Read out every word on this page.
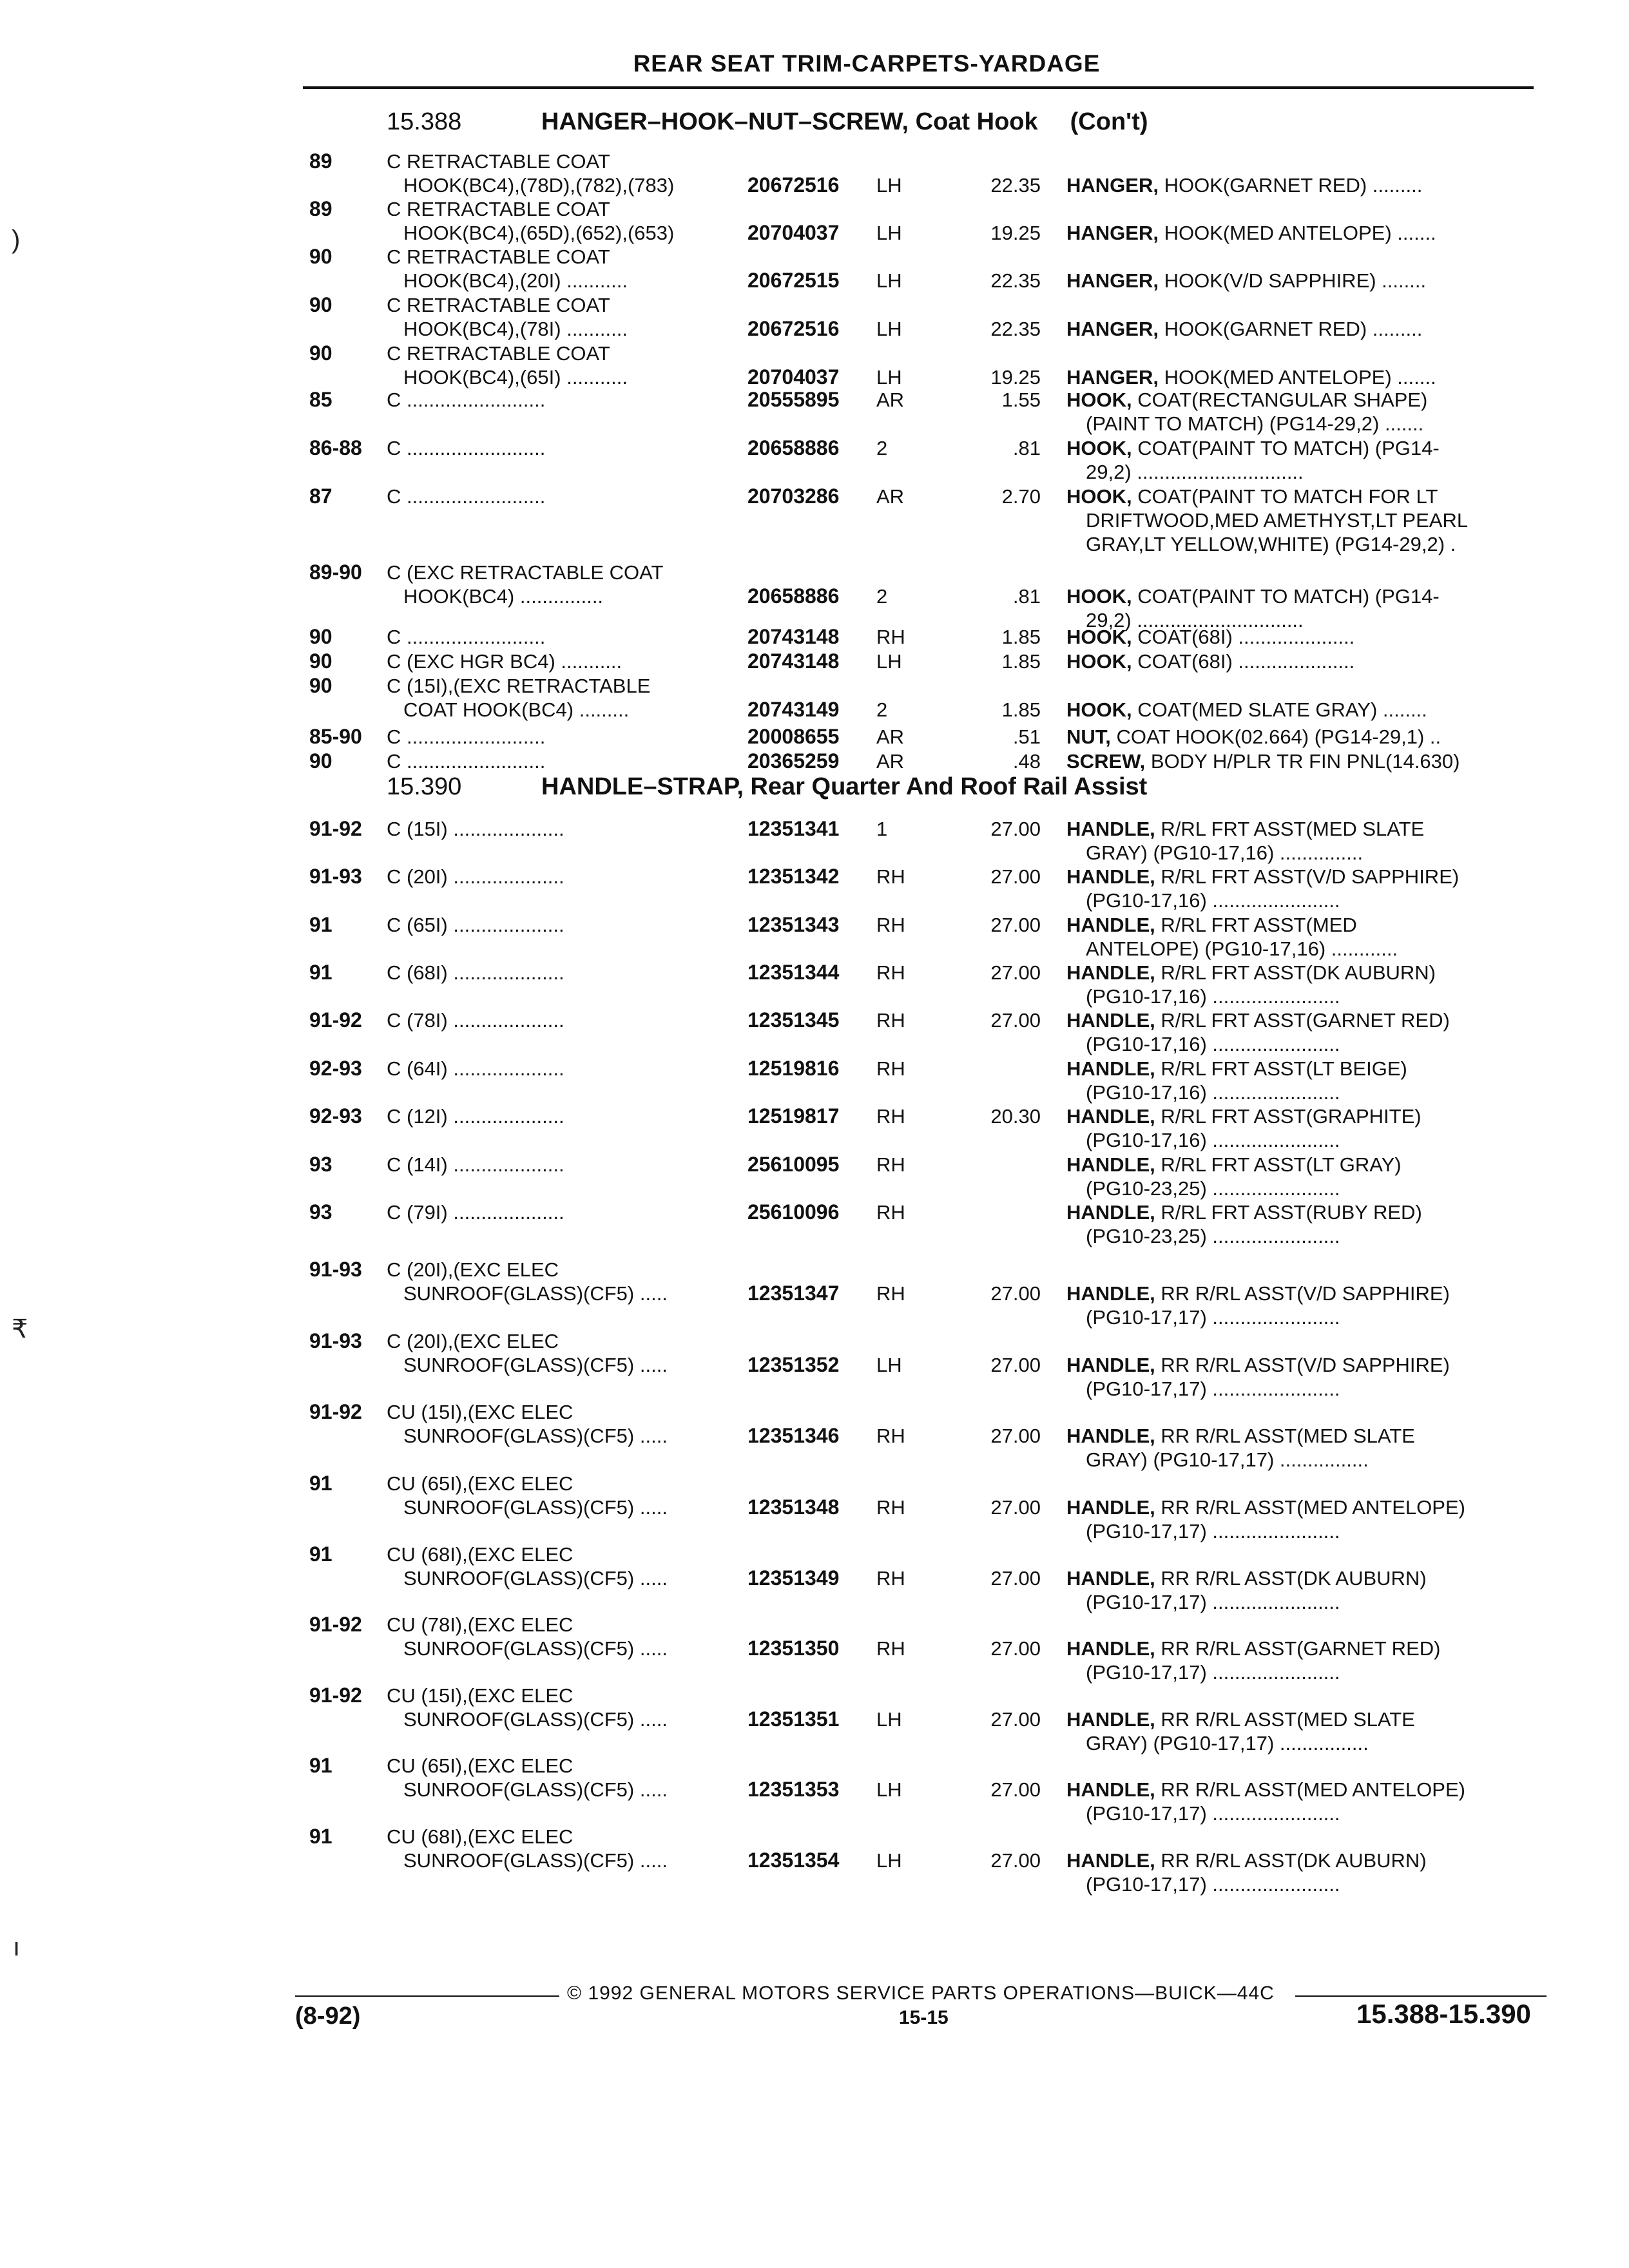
REAR SEAT TRIM-CARPETS-YARDAGE
15.388	HANGER–HOOK–NUT–SCREW, Coat Hook (Con't)
15.390	HANDLE–STRAP, Rear Quarter And Roof Rail Assist
89	C RETRACTABLE COAT
HOOK(BC4),(78D),(782),(783)	20672516 LH	22.35 HANGER, HOOK(GARNET RED) .........
89	C RETRACTABLE COAT
HOOK(BC4),(65D),(652),(653)	20704037 LH	19.25 HANGER, HOOK(MED ANTELOPE) .......
90	C RETRACTABLE COAT
HOOK(BC4),(20I) ...........	20672515 LH	22.35 HANGER, HOOK(V/D SAPPHIRE) ........
90	C RETRACTABLE COAT
HOOK(BC4),(78I) ...........	20672516 LH	22.35 HANGER, HOOK(GARNET RED) .........
90	C RETRACTABLE COAT
HOOK(BC4),(65I) ...........	20704037 LH	19.25 HANGER, HOOK(MED ANTELOPE) .......
85	C .........................	20555895 AR	1.55 HOOK, COAT(RECTANGULAR SHAPE)
(PAINT TO MATCH) (PG14-29,2) .......
86-88 C .........................	20658886 2	.81 HOOK, COAT(PAINT TO MATCH) (PG14-
29,2) ..............................
87	C .........................	20703286 AR	2.70 HOOK, COAT(PAINT TO MATCH FOR LT
DRIFTWOOD,MED AMETHYST,LT PEARL
GRAY,LT YELLOW,WHITE) (PG14-29,2) .
89-90 C (EXC RETRACTABLE COAT
HOOK(BC4) ...............	20658886 2	.81 HOOK, COAT(PAINT TO MATCH) (PG14-
29,2) ..............................
90	C .........................	20743148 RH	1.85 HOOK, COAT(68I) .....................
90	C (EXC HGR BC4) ...........	20743148 LH	1.85 HOOK, COAT(68I) .....................
90	C (15I),(EXC RETRACTABLE
COAT HOOK(BC4) .........	20743149 2	1.85 HOOK, COAT(MED SLATE GRAY) ........
85-90 C .........................	20008655 AR	.51 NUT, COAT HOOK(02.664) (PG14-29,1) ..
90	C .........................	20365259 AR	.48 SCREW, BODY H/PLR TR FIN PNL(14.630)
91-92 C (15I) ....................	12351341 1	27.00 HANDLE, R/RL FRT ASST(MED SLATE
GRAY) (PG10-17,16) ...............
91-93 C (20I) ....................	12351342 RH	27.00 HANDLE, R/RL FRT ASST(V/D SAPPHIRE)
(PG10-17,16) .......................
91	C (65I) ....................	12351343 RH	27.00 HANDLE, R/RL FRT ASST(MED
ANTELOPE) (PG10-17,16) ............
91	C (68I) ....................	12351344 RH	27.00 HANDLE, R/RL FRT ASST(DK AUBURN)
(PG10-17,16) .......................
91-92 C (78I) ....................	12351345 RH	27.00 HANDLE, R/RL FRT ASST(GARNET RED)
(PG10-17,16) .......................
92-93 C (64I) ....................	12519816 RH	HANDLE, R/RL FRT ASST(LT BEIGE)
(PG10-17,16) .......................
92-93 C (12I) ....................	12519817 RH	20.30 HANDLE, R/RL FRT ASST(GRAPHITE)
(PG10-17,16) .......................
93	C (14I) ....................	25610095 RH	HANDLE, R/RL FRT ASST(LT GRAY)
(PG10-23,25) .......................
93	C (79I) ....................	25610096 RH	HANDLE, R/RL FRT ASST(RUBY RED)
(PG10-23,25) .......................
91-93 C (20I),(EXC ELEC
SUNROOF(GLASS)(CF5) .....	12351347 RH	27.00 HANDLE, RR R/RL ASST(V/D SAPPHIRE)
(PG10-17,17) .......................
91-93 C (20I),(EXC ELEC
SUNROOF(GLASS)(CF5) .....	12351352 LH	27.00 HANDLE, RR R/RL ASST(V/D SAPPHIRE)
(PG10-17,17) .......................
91-92 CU (15I),(EXC ELEC
SUNROOF(GLASS)(CF5) .....	12351346 RH	27.00 HANDLE, RR R/RL ASST(MED SLATE
GRAY) (PG10-17,17) ................
91	CU (65I),(EXC ELEC
SUNROOF(GLASS)(CF5) .....	12351348 RH	27.00 HANDLE, RR R/RL ASST(MED ANTELOPE)
(PG10-17,17) .......................
91	CU (68I),(EXC ELEC
SUNROOF(GLASS)(CF5) .....	12351349 RH	27.00 HANDLE, RR R/RL ASST(DK AUBURN)
(PG10-17,17) .......................
91-92 CU (78I),(EXC ELEC
SUNROOF(GLASS)(CF5) .....	12351350 RH	27.00 HANDLE, RR R/RL ASST(GARNET RED)
(PG10-17,17) .......................
91-92 CU (15I),(EXC ELEC
SUNROOF(GLASS)(CF5) .....	12351351 LH	27.00 HANDLE, RR R/RL ASST(MED SLATE
GRAY) (PG10-17,17) ................
91	CU (65I),(EXC ELEC
SUNROOF(GLASS)(CF5) .....	12351353 LH	27.00 HANDLE, RR R/RL ASST(MED ANTELOPE)
(PG10-17,17) .......................
91	CU (68I),(EXC ELEC
SUNROOF(GLASS)(CF5) .....	12351354 LH	27.00 HANDLE, RR R/RL ASST(DK AUBURN)
(PG10-17,17) .......................
© 1992 GENERAL MOTORS SERVICE PARTS OPERATIONS—BUICK—44C
(8-92)	15-15	15.388-15.390
)
₹
ı
